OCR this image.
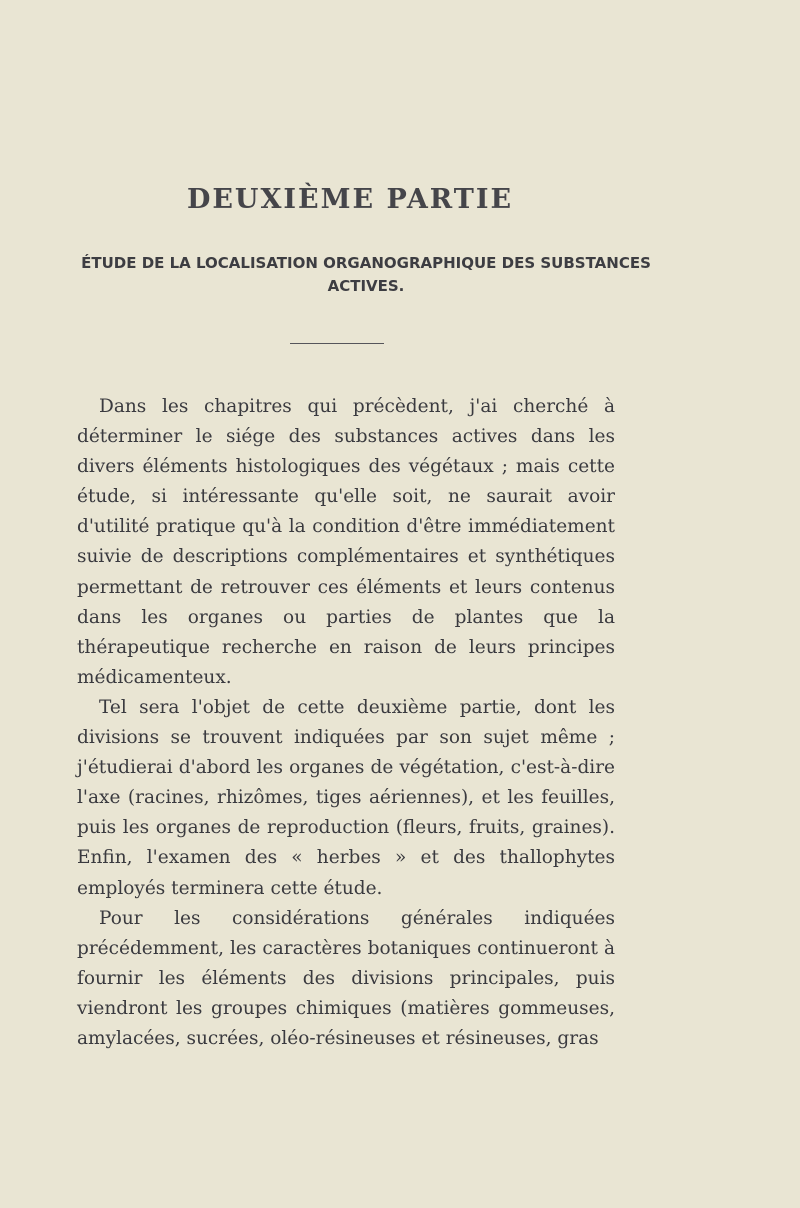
DEUXIÈME PARTIE
ÉTUDE DE LA LOCALISATION ORGANOGRAPHIQUE DES SUBSTANCES ACTIVES.

Dans les chapitres qui précèdent, j'ai cherché à déterminer le siége des substances actives dans les divers éléments histologiques des végétaux ; mais cette étude, si intéressante qu'elle soit, ne saurait avoir d'utilité pratique qu'à la condition d'être immédiatement suivie de descriptions complémentaires et synthétiques permettant de retrouver ces éléments et leurs contenus dans les organes ou parties de plantes que la thérapeutique recherche en raison de leurs principes médicamenteux.

Tel sera l'objet de cette deuxième partie, dont les divisions se trouvent indiquées par son sujet même ; j'étudierai d'abord les organes de végétation, c'est-à-dire l'axe (racines, rhizômes, tiges aériennes), et les feuilles, puis les organes de reproduction (fleurs, fruits, graines). Enfin, l'examen des « herbes » et des thallophytes employés terminera cette étude.

Pour les considérations générales indiquées précédemment, les caractères botaniques continueront à fournir les éléments des divisions principales, puis viendront les groupes chimiques (matières gommeuses, amylacées, sucrées, oléo-résineuses et résineuses, gras
